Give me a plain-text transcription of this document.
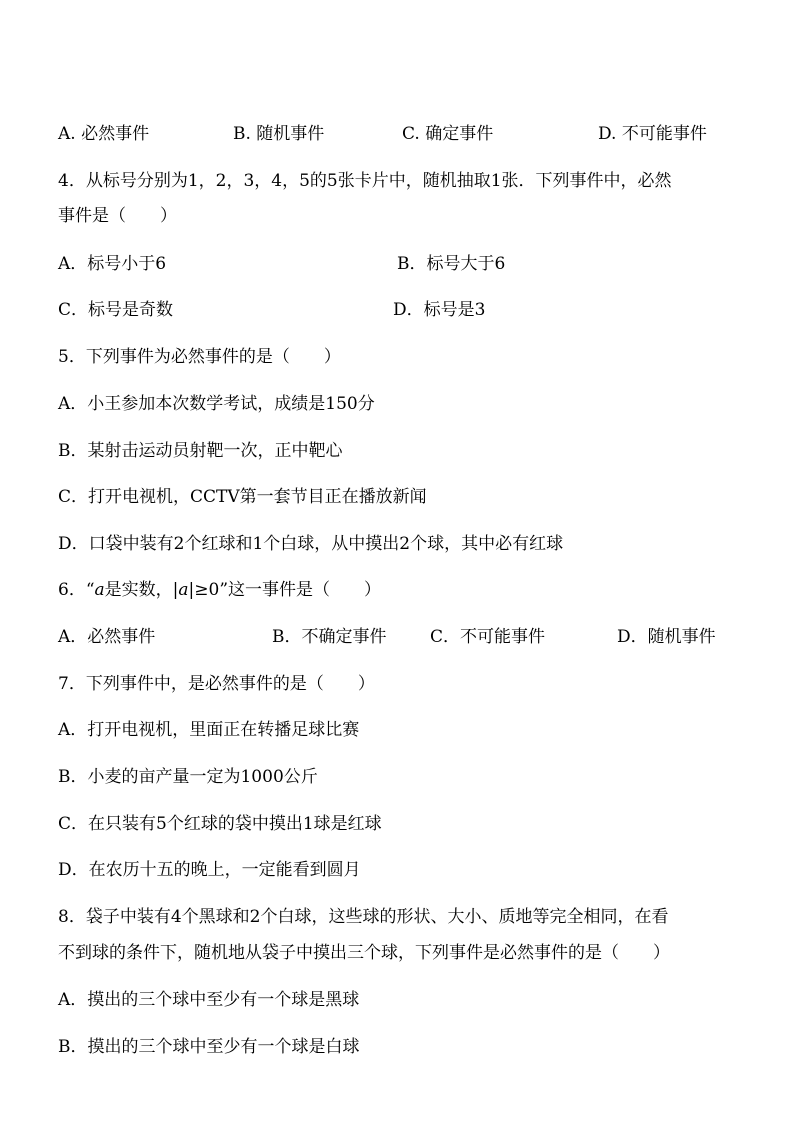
A. 必然事件	B. 随机事件	C. 确定事件	D. 不可能事件
4．从标号分别为1，2，3，4，5的5张卡片中，随机抽取1张．下列事件中，必然
事件是（　　）
A．标号小于6	B．标号大于6
C．标号是奇数	D．标号是3
5．下列事件为必然事件的是（　　）
A．小王参加本次数学考试，成绩是150分
B．某射击运动员射靶一次，正中靶心
C．打开电视机，CCTV第一套节目正在播放新闻
D．口袋中装有2个红球和1个白球，从中摸出2个球，其中必有红球
6．“a是实数，|a|≥0”这一事件是（　　）
A．必然事件	B．不确定事件	C．不可能事件	D．随机事件
7．下列事件中，是必然事件的是（　　）
A．打开电视机，里面正在转播足球比赛
B．小麦的亩产量一定为1000公斤
C．在只装有5个红球的袋中摸出1球是红球
D．在农历十五的晚上，一定能看到圆月
8．袋子中装有4个黑球和2个白球，这些球的形状、大小、质地等完全相同，在看
不到球的条件下，随机地从袋子中摸出三个球，下列事件是必然事件的是（　　）
A．摸出的三个球中至少有一个球是黑球
B．摸出的三个球中至少有一个球是白球
